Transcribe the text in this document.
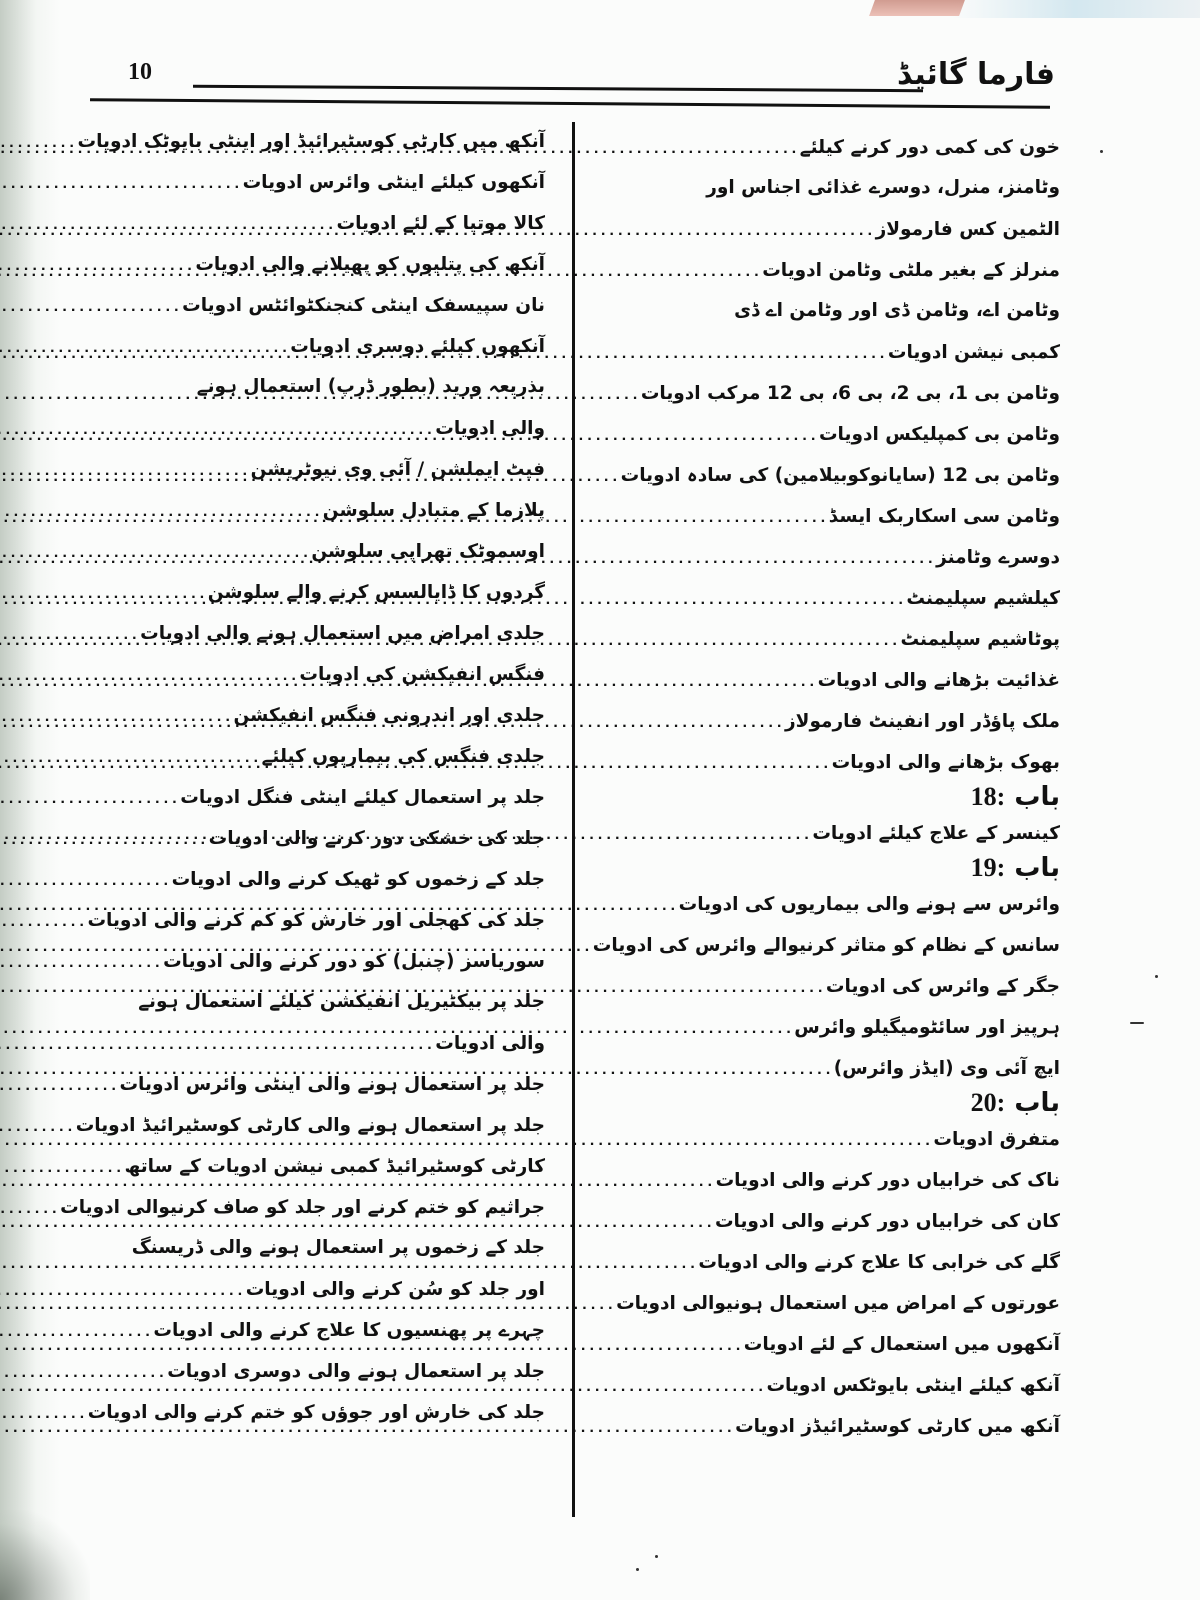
10	فارما گائیڈ
خون کی کمی دور کرنے کیلئے
.....
وٹامنز، منرل، دوسرے غذائی اجناس اور
الٹمین کس فارمولاز
.....
منرلز کے بغیر ملٹی وٹامن ادویات
.....
وٹامن اے، وٹامن ڈی اور وٹامن اے ڈی
کمبی نیشن ادویات
.....
وٹامن بی 1، بی 2، بی 6، بی 12 مرکب ادویات
.....
وٹامن بی کمپلیکس ادویات
.....
وٹامن بی 12 (سایانوکوبیلامین) کی سادہ ادویات
.....
وٹامن سی اسکاربک ایسڈ
.....
دوسرے وٹامنز
.....
کیلشیم سپلیمنٹ
.....
پوٹاشیم سپلیمنٹ
.....
غذائیت بڑھانے والی ادویات
.....
ملک پاؤڈر اور انفینٹ فارمولاز
.....
بھوک بڑھانے والی ادویات
.....
باب 18:
کینسر کے علاج کیلئے ادویات
.....
باب 19:
وائرس سے ہونے والی بیماریوں کی ادویات
.....
سانس کے نظام کو متاثر کرنیوالے وائرس کی ادویات
.....
جگر کے وائرس کی ادویات
.....
ہرپیز اور سائٹومیگیلو وائرس
.....
ایچ آئی وی (ایڈز وائرس)
.....
باب 20:
متفرق ادویات
.....
ناک کی خرابیاں دور کرنے والی ادویات
.....
کان کی خرابیاں دور کرنے والی ادویات
.....
گلے کی خرابی کا علاج کرنے والی ادویات
.....
عورتوں کے امراض میں استعمال ہونیوالی ادویات
.....
آنکھوں میں استعمال کے لئے ادویات
.....
آنکھ کیلئے اینٹی بایوٹکس ادویات
.....
آنکھ میں کارٹی کوسٹیرائیڈز ادویات
.....
آنکھ میں کارٹی کوسٹیرائیڈ اور اینٹی بایوٹک ادویات
.....
آنکھوں کیلئے اینٹی وائرس ادویات
.....
کالا موتیا کے لئے ادویات
.....
آنکھ کی پتلیوں کو پھیلانے والی ادویات
.....
نان سپیسفک اینٹی کنجنکٹوائٹس ادویات
.....
آنکھوں کیلئے دوسری ادویات
.....
بذریعہ ورید (بطور ڈرپ) استعمال ہونے
والی ادویات
.....
فیٹ ایملشن / آئی وی نیوٹریشن
.....
پلازما کے متبادل سلوشن
.....
اوسموٹک تھراپی سلوشن
.....
گردوں کا ڈایالسس کرنے والے سلوشن
.....
جلدی امراض میں استعمال ہونے والی ادویات
.....
فنگس انفیکشن کی ادویات
.....
جلدی اور اندرونی فنگس انفیکشن
.....
جلدی فنگس کی بیماریوں کیلئے
.....
جلد پر استعمال کیلئے اینٹی فنگل ادویات
.....
جلد کی خشکی دور کرنے والی ادویات
.....
جلد کے زخموں کو ٹھیک کرنے والی ادویات
.....
جلد کی کھجلی اور خارش کو کم کرنے والی ادویات
.....
سوریاسز (چنبل) کو دور کرنے والی ادویات
.....
جلد پر بیکٹیریل انفیکشن کیلئے استعمال ہونے
والی ادویات
.....
جلد پر استعمال ہونے والی اینٹی وائرس ادویات
.....
جلد پر استعمال ہونے والی کارٹی کوسٹیرائیڈ ادویات
.....
کارٹی کوسٹیرائیڈ کمبی نیشن ادویات کے ساتھ
.....
جراثیم کو ختم کرنے اور جلد کو صاف کرنیوالی ادویات
.....
جلد کے زخموں پر استعمال ہونے والی ڈریسنگ
اور جلد کو سُن کرنے والی ادویات
.....
چہرے پر پھنسیوں کا علاج کرنے والی ادویات
.....
جلد پر استعمال ہونے والی دوسری ادویات
.....
جلد کی خارش اور جوؤں کو ختم کرنے والی ادویات
.....
